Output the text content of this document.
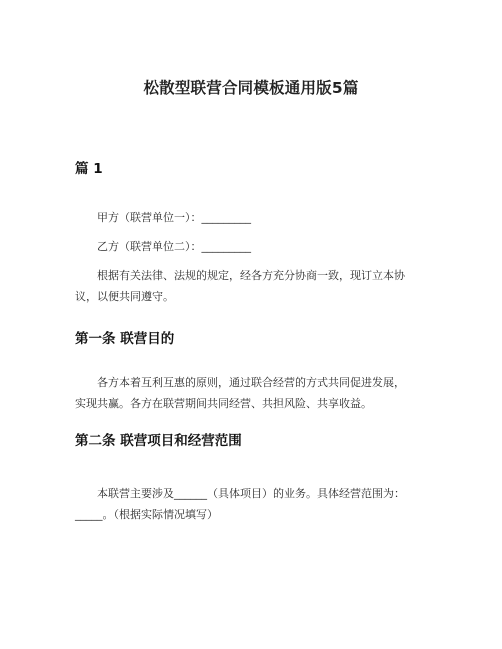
松散型联营合同模板通用版5篇
篇 1
甲方（联营单位一）：_________
乙方（联营单位二）：_________
根据有关法律、法规的规定，经各方充分协商一致，现订立本协
议，以便共同遵守。
第一条 联营目的
各方本着互利互惠的原则，通过联合经营的方式共同促进发展，
实现共赢。各方在联营期间共同经营、共担风险、共享收益。
第二条 联营项目和经营范围
本联营主要涉及______（具体项目）的业务。具体经营范围为：
_____。（根据实际情况填写）
